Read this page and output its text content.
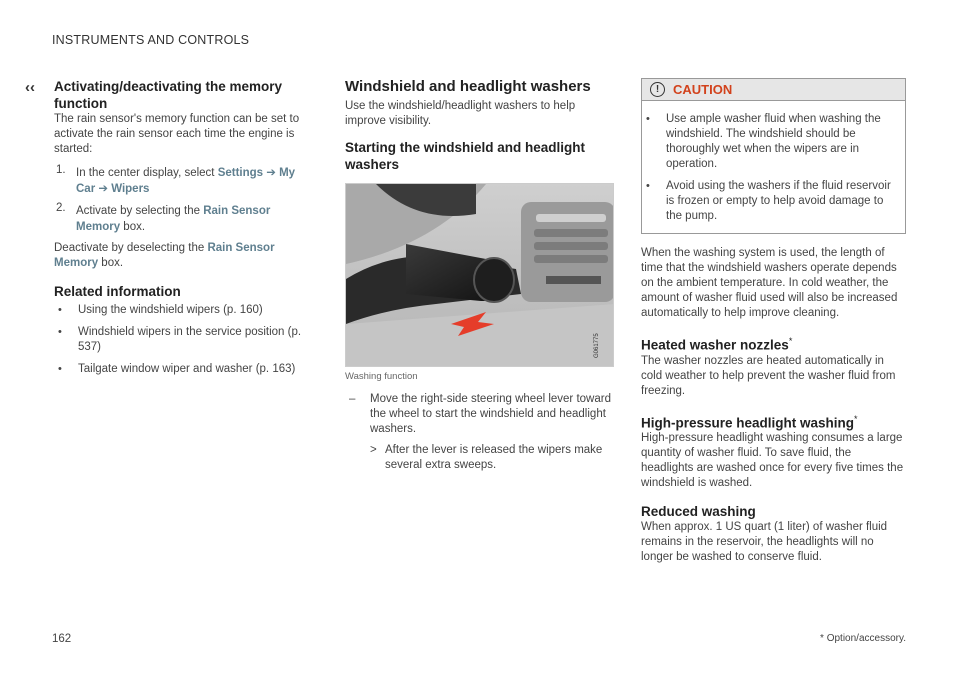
INSTRUMENTS AND CONTROLS
‹‹ Activating/deactivating the memory function

The rain sensor's memory function can be set to activate the rain sensor each time the engine is started:

1. In the center display, select Settings ➔ My Car ➔ Wipers
2. Activate by selecting the Rain Sensor Memory box.

Deactivate by deselecting the Rain Sensor Memory box.

Related information
• Using the windshield wipers (p. 160)
• Windshield wipers in the service position (p. 537)
• Tailgate window wiper and washer (p. 163)
Windshield and headlight washers

Use the windshield/headlight washers to help improve visibility.

Starting the windshield and headlight washers
G061775
Washing function
– Move the right-side steering wheel lever toward the wheel to start the windshield and headlight washers.
> After the lever is released the wipers make several extra sweeps.
!	CAUTION
• Use ample washer fluid when washing the windshield. The windshield should be thoroughly wet when the wipers are in operation.
• Avoid using the washers if the fluid reservoir is frozen or empty to help avoid damage to the pump.

When the washing system is used, the length of time that the windshield washers operate depends on the ambient temperature. In cold weather, the amount of washer fluid used will also be increased automatically to help improve cleaning.

Heated washer nozzles*

The washer nozzles are heated automatically in cold weather to help prevent the washer fluid from freezing.

High-pressure headlight washing*

High-pressure headlight washing consumes a large quantity of washer fluid. To save fluid, the headlights are washed once for every five times the windshield is washed.

Reduced washing

When approx. 1 US quart (1 liter) of washer fluid remains in the reservoir, the headlights will no longer be washed to conserve fluid.

162	* Option/accessory.
